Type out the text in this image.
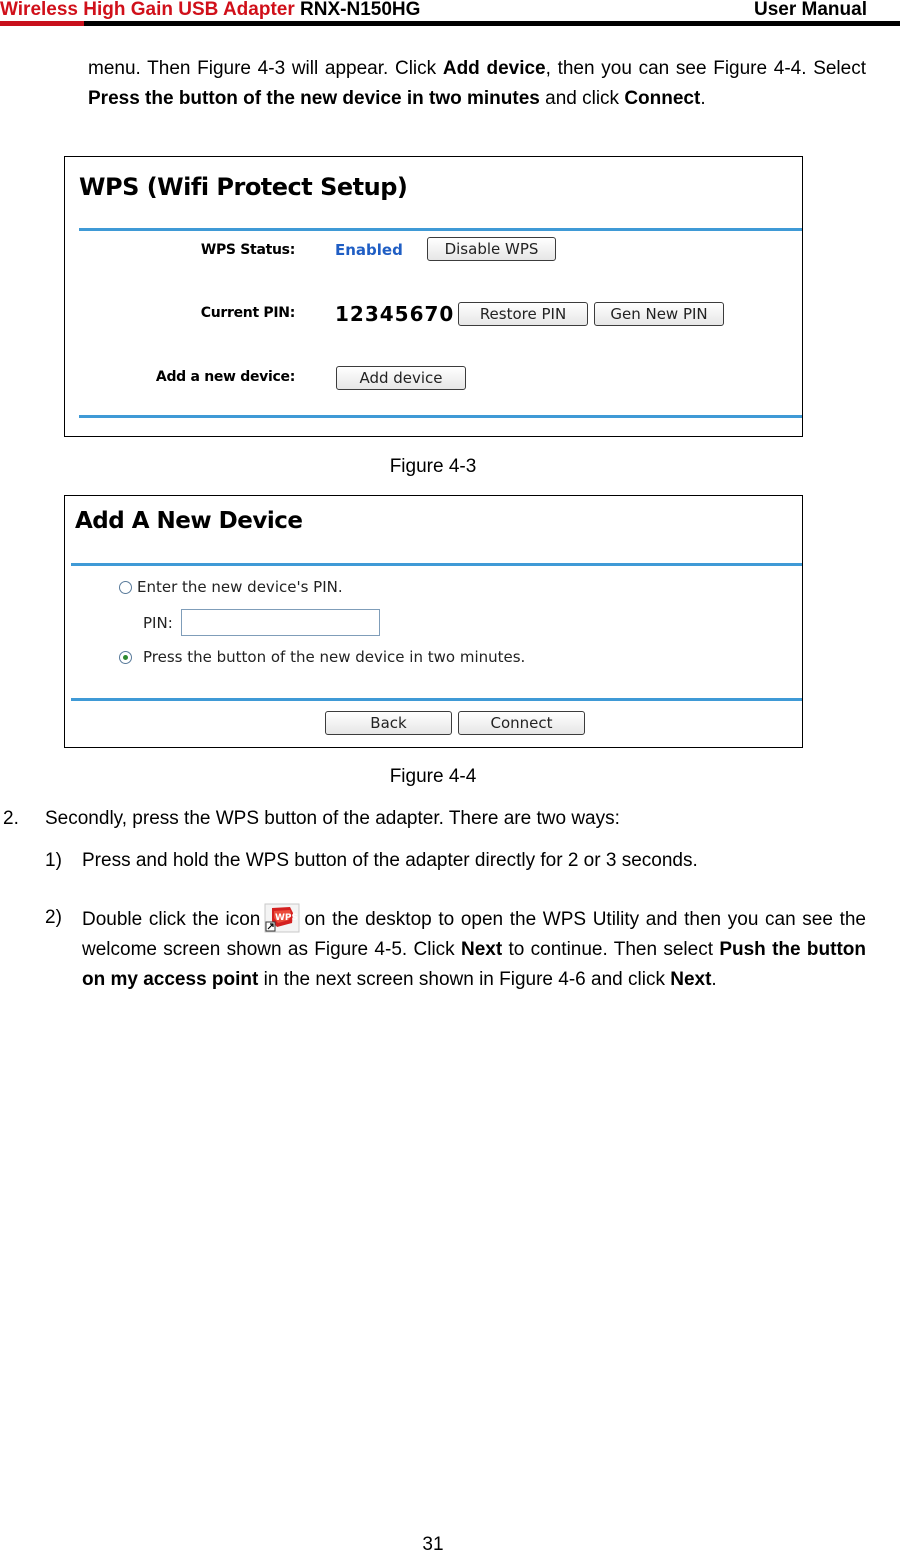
Wireless High Gain USB Adapter RNX-N150HG	User Manual
menu. Then Figure 4-3 will appear. Click Add device, then you can see Figure 4-4. Select Press the button of the new device in two minutes and click Connect.
WPS (Wifi Protect Setup)
WPS Status:	Enabled	Disable WPS
Current PIN: 12345670	Restore PIN	Gen New PIN
Add a new device:	Add device
Figure 4-3
Add A New Device
Enter the new device's PIN.
PIN:
Press the button of the new device in two minutes.
Back	Connect
Figure 4-4
2. Secondly, press the WPS button of the adapter. There are two ways:
1) Press and hold the WPS button of the adapter directly for 2 or 3 seconds.
2) Double click the icon WPS on the desktop to open the WPS Utility and then you can see the welcome screen shown as Figure 4-5. Click Next to continue. Then select Push the button on my access point in the next screen shown in Figure 4-6 and click Next.
31
